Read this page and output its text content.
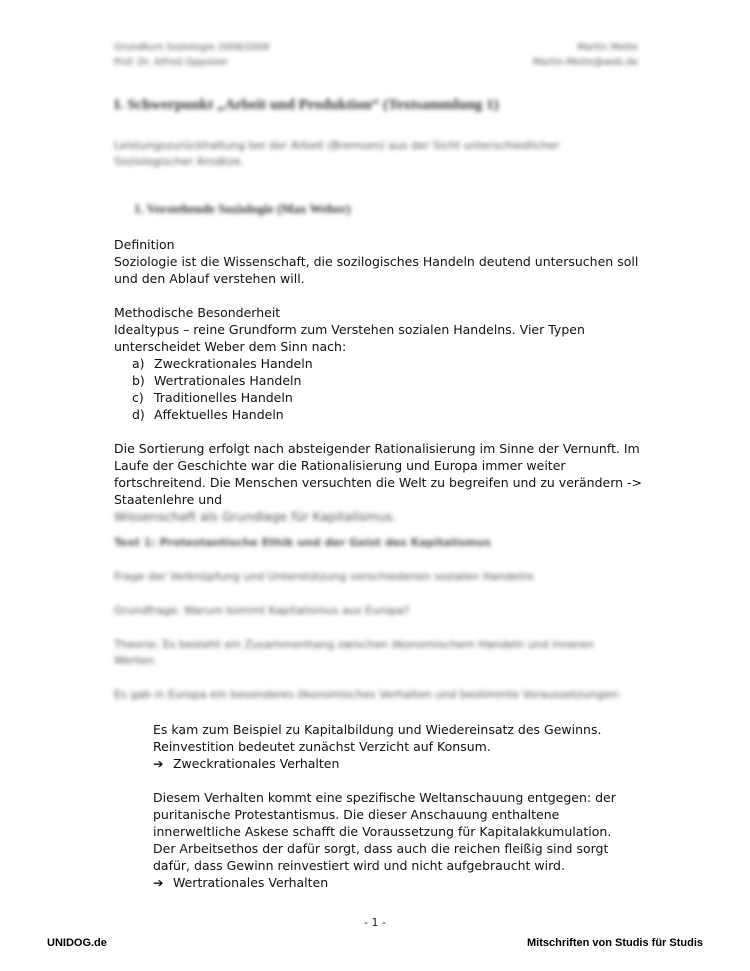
Grundkurs Soziologie 2008/2009
Prof. Dr. Alfred Oppolzer
Martin Mette
Martin-Mette@web.de
I. Schwerpunkt „Arbeit und Produktion“ (Textsammlung 1)
Leistungszurückhaltung bei der Arbeit (Bremsen) aus der Sicht unterschiedlicher Soziologischer Ansätze.
1. Verstehende Soziologie (Max Weber)
Definition
Soziologie ist die Wissenschaft, die sozilogisches Handeln deutend untersuchen soll und den Ablauf verstehen will.
Methodische Besonderheit
Idealtypus – reine Grundform zum Verstehen sozialen Handelns. Vier Typen unterscheidet Weber dem Sinn nach:
a) Zweckrationales Handeln
b) Wertrationales Handeln
c) Traditionelles Handeln
d) Affektuelles Handeln
Die Sortierung erfolgt nach absteigender Rationalisierung im Sinne der Vernunft. Im Laufe der Geschichte war die Rationalisierung und Europa immer weiter fortschreitend. Die Menschen versuchten die Welt zu begreifen und zu verändern -> Staatenlehre und
Wissenschaft als Grundlage für Kapitalismus.
Text 1: Protestantische Ethik und der Geist des Kapitalismus
Frage der Verknüpfung und Unterstützung verschiedenen sozialen Handelns
Grundfrage: Warum kommt Kapitalismus aus Europa?
Theorie: Es besteht ein Zusammenhang zwischen ökonomischem Handeln und inneren Werten.
Es gab in Europa ein besonderes ökonomisches Verhalten und bestimmte Voraussetzungen:
Es kam zum Beispiel zu Kapitalbildung und Wiedereinsatz des Gewinns. Reinvestition bedeutet zunächst Verzicht auf Konsum.
➔ Zweckrationales Verhalten
Diesem Verhalten kommt eine spezifische Weltanschauung entgegen: der puritanische Protestantismus. Die dieser Anschauung enthaltene innerweltliche Askese schafft die Voraussetzung für Kapitalakkumulation. Der Arbeitsethos der dafür sorgt, dass auch die reichen fleißig sind sorgt dafür, dass Gewinn reinvestiert wird und nicht aufgebraucht wird.
➔ Wertrationales Verhalten
- 1 -
UNIDOG.de	Mitschriften von Studis für Studis
